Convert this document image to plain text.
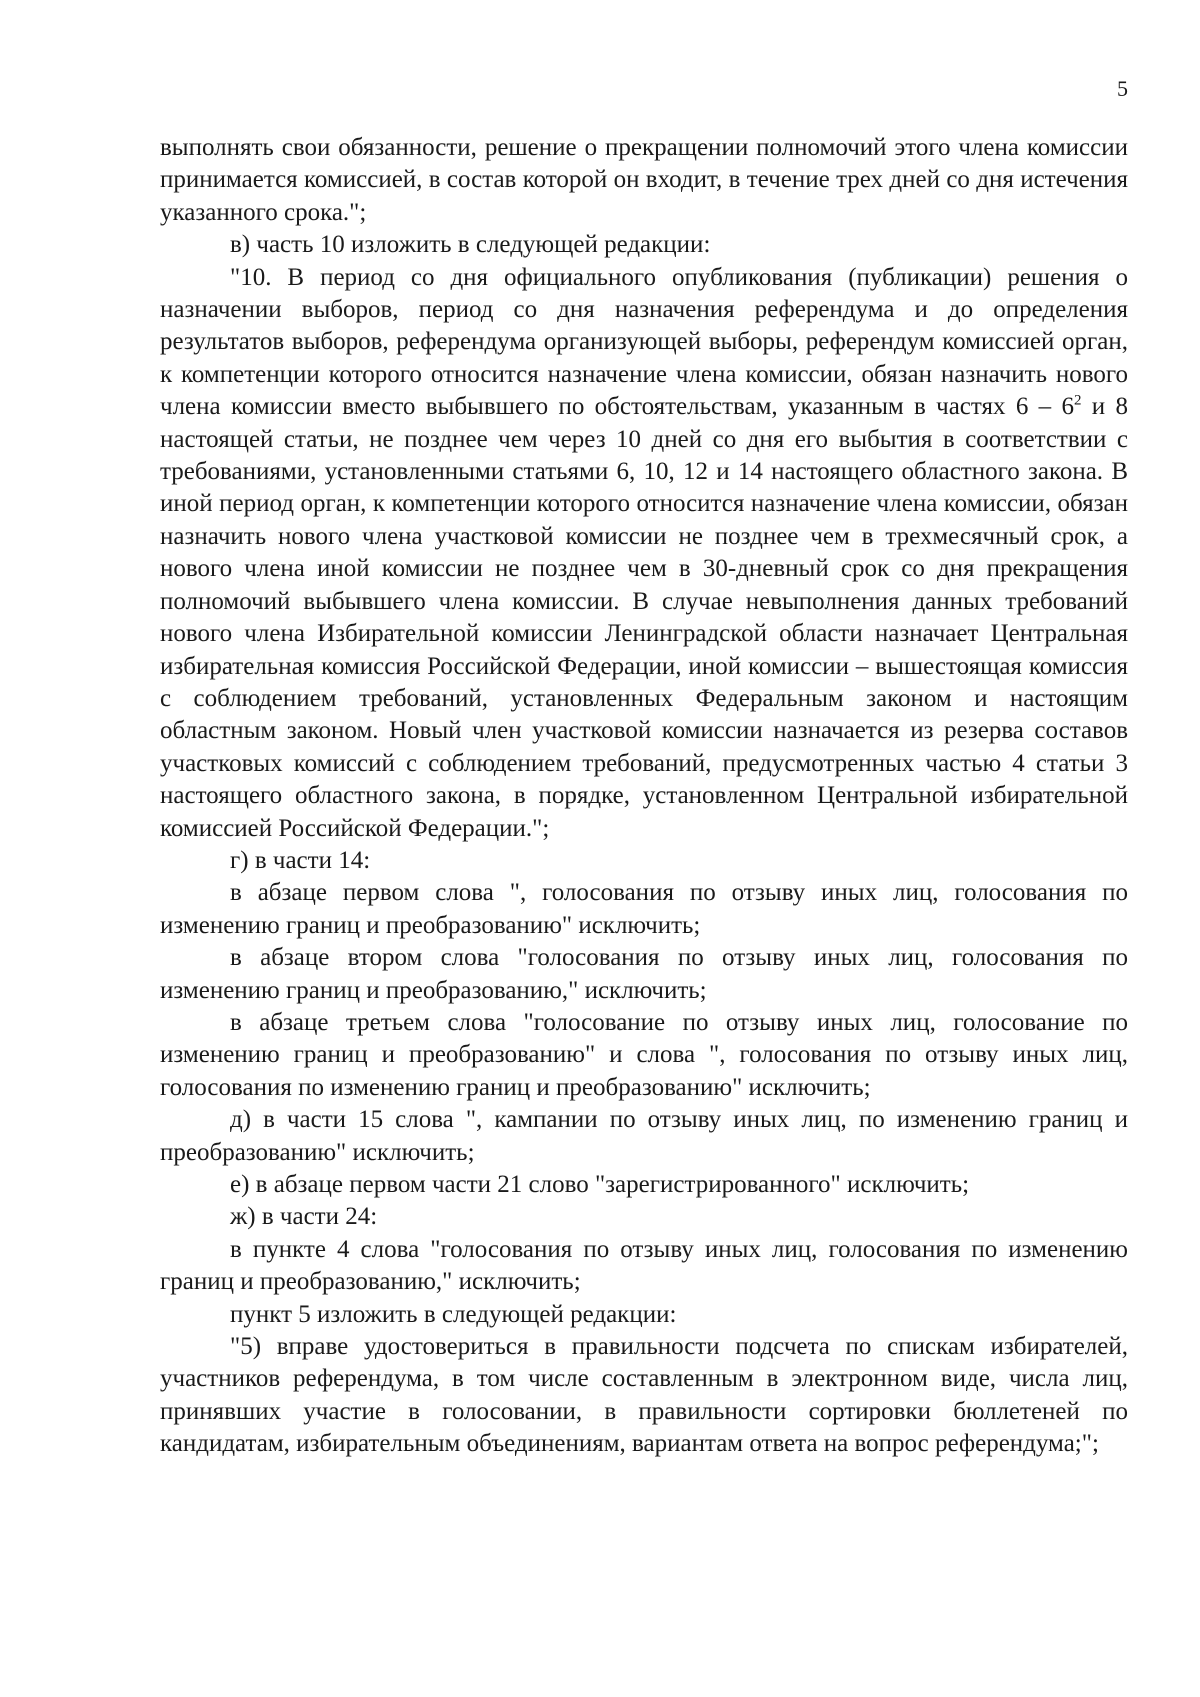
5

выполнять свои обязанности, решение о прекращении полномочий этого члена комиссии принимается комиссией, в состав которой он входит, в течение трех дней со дня истечения указанного срока.";

в) часть 10 изложить в следующей редакции:

"10. В период со дня официального опубликования (публикации) решения о назначении выборов, период со дня назначения референдума и до определения результатов выборов, референдума организующей выборы, референдум комиссией орган, к компетенции которого относится назначение члена комиссии, обязан назначить нового члена комиссии вместо выбывшего по обстоятельствам, указанным в частях $6 - 6^2$ и 8 настоящей статьи, не позднее чем через 10 дней со дня его выбытия в соответствии с требованиями, установленными статьями 6, 10, 12 и 14 настоящего областного закона. В иной период орган, к компетенции которого относится назначение члена комиссии, обязан назначить нового члена участковой комиссии не позднее чем в трехмесячный срок, а нового члена иной комиссии не позднее чем в 30-дневный срок со дня прекращения полномочий выбывшего члена комиссии. В случае невыполнения данных требований нового члена Избирательной комиссии Ленинградской области назначает Центральная избирательная комиссия Российской Федерации, иной комиссии – вышестоящая комиссия с соблюдением требований, установленных Федеральным законом и настоящим областным законом. Новый член участковой комиссии назначается из резерва составов участковых комиссий с соблюдением требований, предусмотренных частью 4 статьи 3 настоящего областного закона, в порядке, установленном Центральной избирательной комиссией Российской Федерации.";

г) в части 14:

в абзаце первом слова ", голосования по отзыву иных лиц, голосования по изменению границ и преобразованию" исключить;

в абзаце втором слова "голосования по отзыву иных лиц, голосования по изменению границ и преобразованию," исключить;

в абзаце третьем слова "голосование по отзыву иных лиц, голосование по изменению границ и преобразованию" и слова ", голосования по отзыву иных лиц, голосования по изменению границ и преобразованию" исключить;

д) в части 15 слова ", кампании по отзыву иных лиц, по изменению границ и преобразованию" исключить;

е) в абзаце первом части 21 слово "зарегистрированного" исключить;

ж) в части 24:

в пункте 4 слова "голосования по отзыву иных лиц, голосования по изменению границ и преобразованию," исключить;

пункт 5 изложить в следующей редакции:

"5) вправе удостовериться в правильности подсчета по спискам избирателей, участников референдума, в том числе составленным в электронном виде, числа лиц, принявших участие в голосовании, в правильности сортировки бюллетеней по кандидатам, избирательным объединениям, вариантам ответа на вопрос референдума;";
